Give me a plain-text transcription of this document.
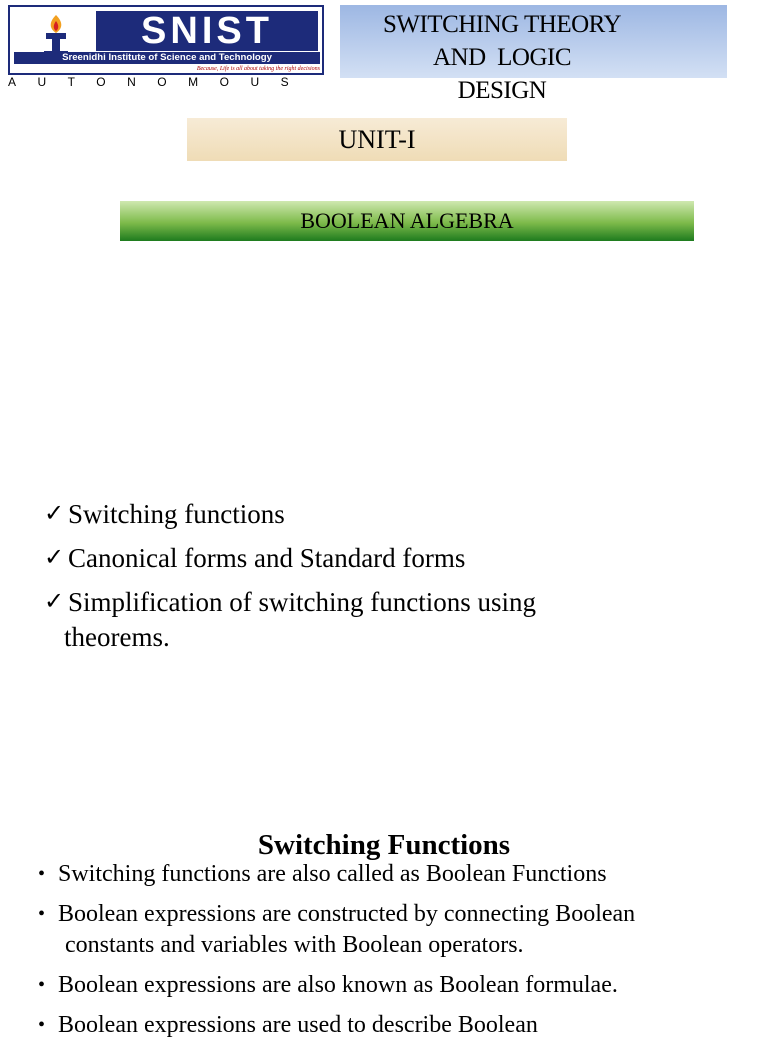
SNIST
Sreenidhi Institute of Science and Technology
Because, Life is all about taking the right decisions
AUTONOMOUS
SWITCHING THEORY
AND  LOGIC
DESIGN
UNIT-I
BOOLEAN ALGEBRA
✓ Switching functions
✓ Canonical forms and Standard forms
✓ Simplification of switching functions using
theorems.
Switching Functions
• Switching functions are also called as Boolean Functions
• Boolean expressions are constructed by connecting Boolean
constants and variables with Boolean operators.
• Boolean expressions are also known as Boolean formulae.
• Boolean expressions are used to describe Boolean
